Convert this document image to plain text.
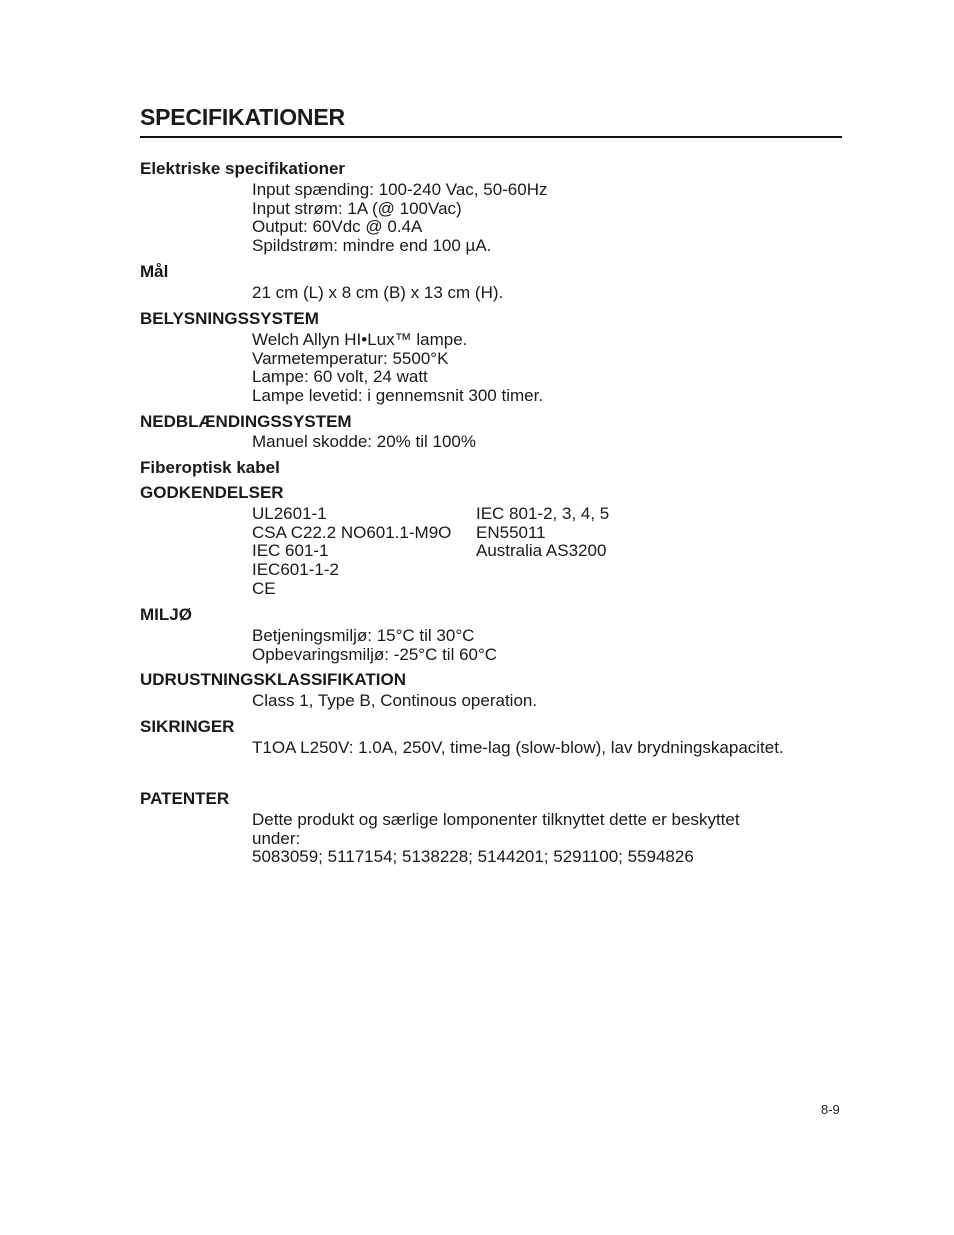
SPECIFIKATIONER
Elektriske specifikationer
Input spænding: 100-240 Vac, 50-60Hz
Input strøm: 1A (@ 100Vac)
Output: 60Vdc @ 0.4A
Spildstrøm: mindre end 100 µA.
Mål
21 cm (L) x 8 cm (B) x 13 cm (H).
BELYSNINGSSYSTEM
Welch Allyn HI•Lux™ lampe.
Varmetemperatur: 5500°K
Lampe: 60 volt, 24 watt
Lampe levetid: i gennemsnit 300 timer.
NEDBLÆNDINGSSYSTEM
Manuel skodde: 20% til 100%
Fiberoptisk kabel
GODKENDELSER
UL2601-1
CSA C22.2 NO601.1-M9O
IEC 601-1
IEC601-1-2
CE
IEC 801-2, 3, 4, 5
EN55011
Australia AS3200
MILJØ
Betjeningsmiljø: 15°C til 30°C
Opbevaringsmiljø: -25°C til 60°C
UDRUSTNINGSKLASSIFIKATION
Class 1, Type B, Continous operation.
SIKRINGER
T1OA L250V: 1.0A, 250V, time-lag (slow-blow), lav brydningskapacitet.
PATENTER
Dette produkt og særlige lomponenter tilknyttet dette er beskyttet
under:
5083059; 5117154; 5138228; 5144201; 5291100; 5594826
8-9
